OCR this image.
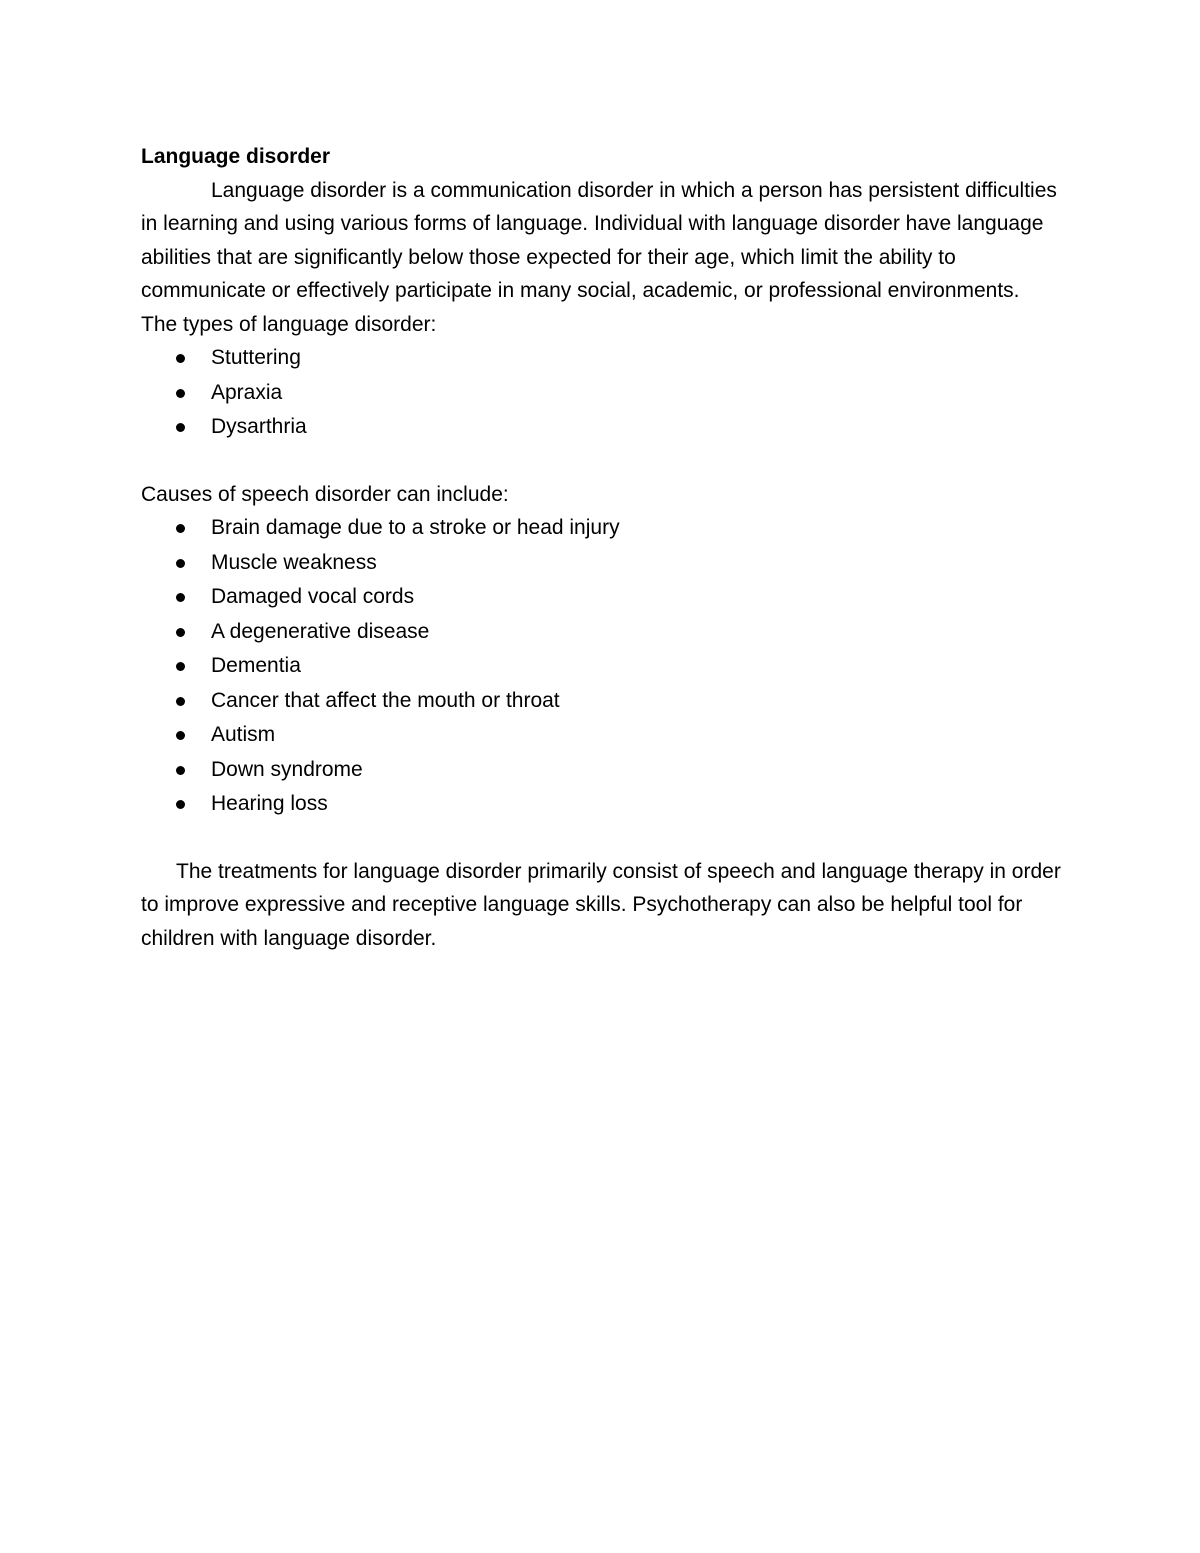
Language disorder

Language disorder is a communication disorder in which a person has persistent difficulties in learning and using various forms of language. Individual with language disorder have language abilities that are significantly below those expected for their age, which limit the ability to communicate or effectively participate in many social, academic, or professional environments.

The types of language disorder:

Stuttering
Apraxia
Dysarthria

Causes of speech disorder can include:

Brain damage due to a stroke or head injury
Muscle weakness
Damaged vocal cords
A degenerative disease
Dementia
Cancer that affect the mouth or throat
Autism
Down syndrome
Hearing loss

The treatments for language disorder primarily consist of speech and language therapy in order to improve expressive and receptive language skills. Psychotherapy can also be helpful tool for children with language disorder.
